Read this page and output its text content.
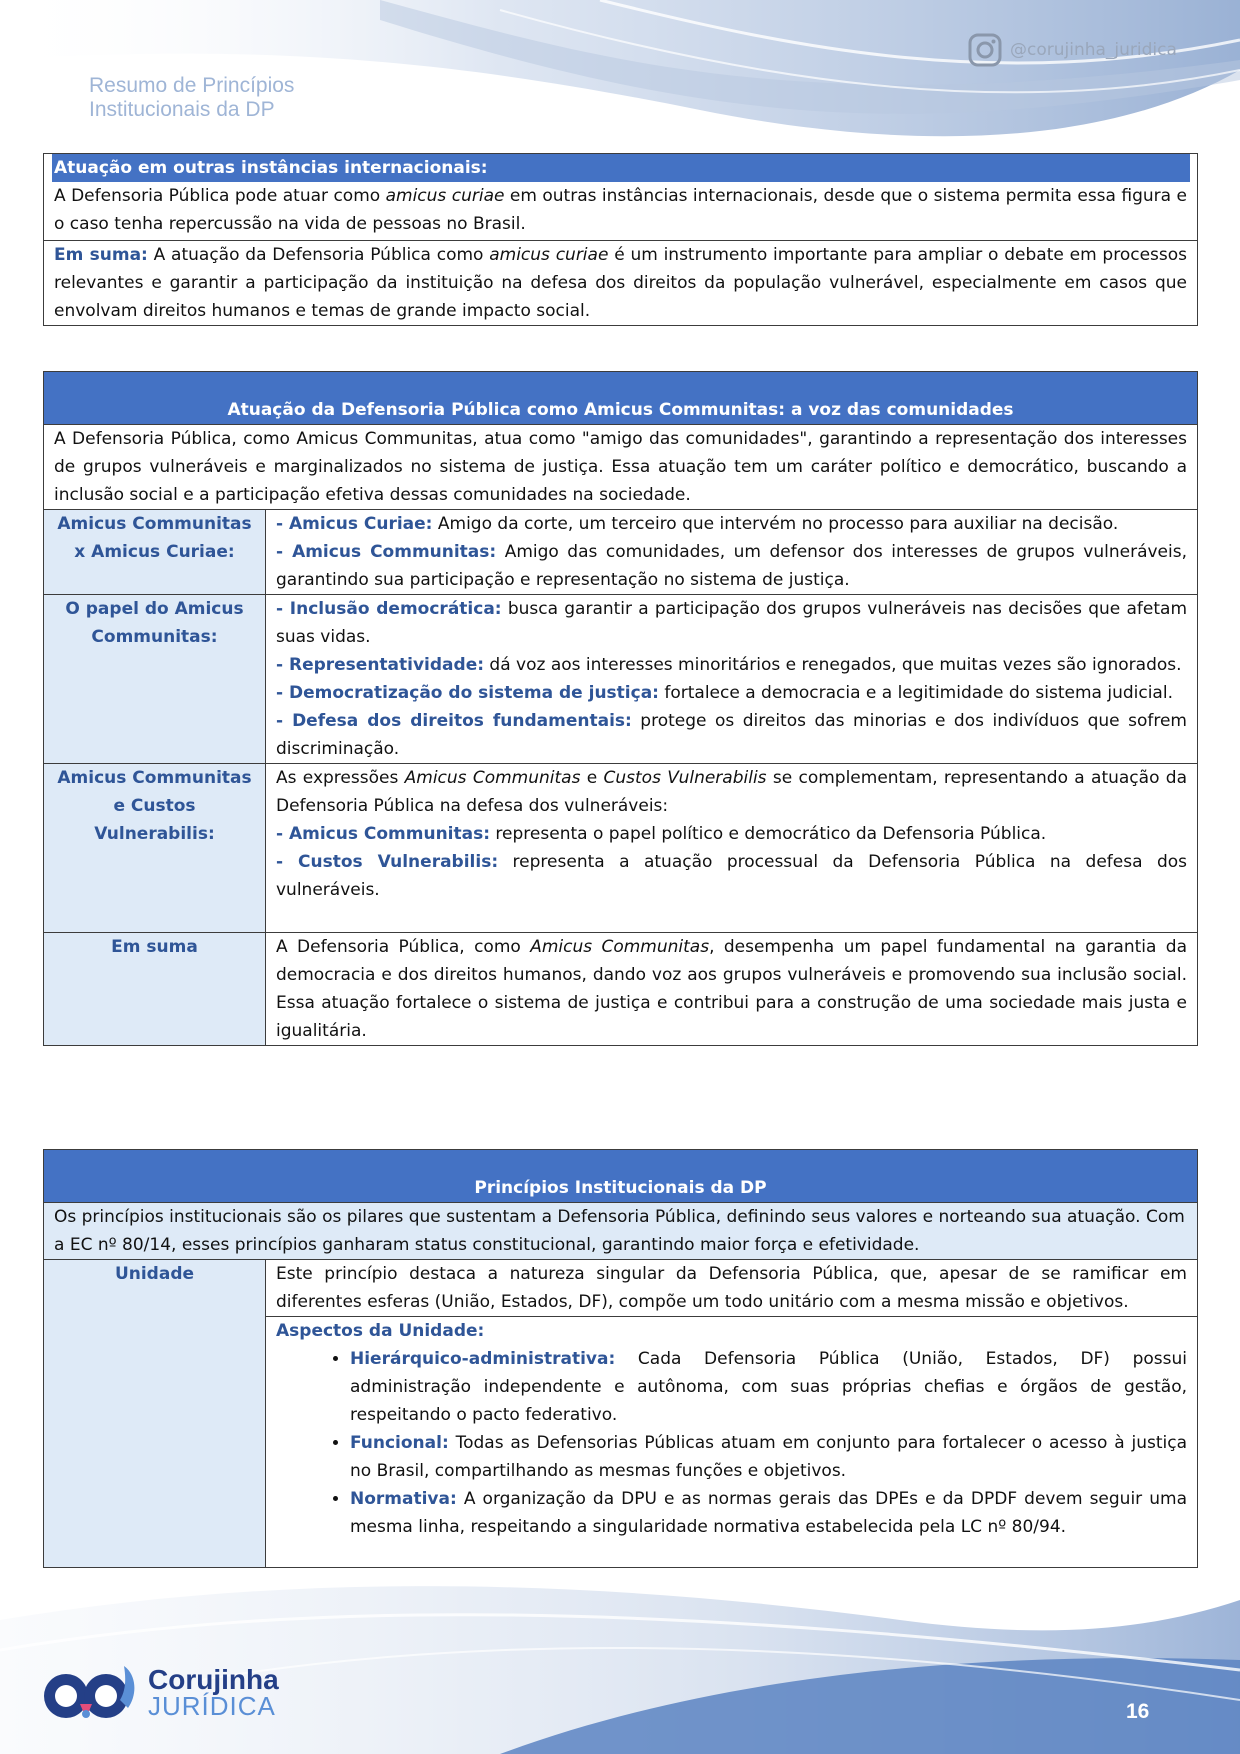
Resumo de Princípios
Institucionais da DP
@corujinha_juridica
Atuação em outras instâncias internacionais:
A Defensoria Pública pode atuar como amicus curiae em outras instâncias internacionais, desde que o sistema permita essa figura e o caso tenha repercussão na vida de pessoas no Brasil.
Em suma: A atuação da Defensoria Pública como amicus curiae é um instrumento importante para ampliar o debate em processos relevantes e garantir a participação da instituição na defesa dos direitos da população vulnerável, especialmente em casos que envolvam direitos humanos e temas de grande impacto social.
Atuação da Defensoria Pública como Amicus Communitas: a voz das comunidades	
A Defensoria Pública, como Amicus Communitas, atua como "amigo das comunidades", garantindo a representação dos interesses de grupos vulneráveis e marginalizados no sistema de justiça. Essa atuação tem um caráter político e democrático, buscando a inclusão social e a participação efetiva dessas comunidades na sociedade.	
Amicus Communitas x Amicus Curiae:	- Amicus Curiae: Amigo da corte, um terceiro que intervém no processo para auxiliar na decisão.
- Amicus Communitas: Amigo das comunidades, um defensor dos interesses de grupos vulneráveis, garantindo sua participação e representação no sistema de justiça.

O papel do Amicus Communitas:	- Inclusão democrática: busca garantir a participação dos grupos vulneráveis nas decisões que afetam suas vidas.
- Representatividade: dá voz aos interesses minoritários e renegados, que muitas vezes são ignorados.
- Democratização do sistema de justiça: fortalece a democracia e a legitimidade do sistema judicial.
- Defesa dos direitos fundamentais: protege os direitos das minorias e dos indivíduos que sofrem discriminação.

Amicus Communitas e Custos Vulnerabilis:	As expressões Amicus Communitas e Custos Vulnerabilis se complementam, representando a atuação da Defensoria Pública na defesa dos vulneráveis:
- Amicus Communitas: representa o papel político e democrático da Defensoria Pública.
- Custos Vulnerabilis: representa a atuação processual da Defensoria Pública na defesa dos vulneráveis.

Em suma	A Defensoria Pública, como Amicus Communitas, desempenha um papel fundamental na garantia da democracia e dos direitos humanos, dando voz aos grupos vulneráveis e promovendo sua inclusão social. Essa atuação fortalece o sistema de justiça e contribui para a construção de uma sociedade mais justa e igualitária.
Princípios Institucionais da DP
Os princípios institucionais são os pilares que sustentam a Defensoria Pública, definindo seus valores e norteando sua atuação. Com a EC nº 80/14, esses princípios ganharam status constitucional, garantindo maior força e efetividade.
Unidade	Este princípio destaca a natureza singular da Defensoria Pública, que, apesar de se ramificar em diferentes esferas (União, Estados, DF), compõe um todo unitário com a mesma missão e objetivos.

Aspectos da Unidade:
• Hierárquico-administrativa: Cada Defensoria Pública (União, Estados, DF) possui administração independente e autônoma, com suas próprias chefias e órgãos de gestão, respeitando o pacto federativo.
• Funcional: Todas as Defensorias Públicas atuam em conjunto para fortalecer o acesso à justiça no Brasil, compartilhando as mesmas funções e objetivos.
• Normativa: A organização da DPU e as normas gerais das DPEs e da DPDF devem seguir uma mesma linha, respeitando a singularidade normativa estabelecida pela LC nº 80/94.
Corujinha
JURÍDICA	16
